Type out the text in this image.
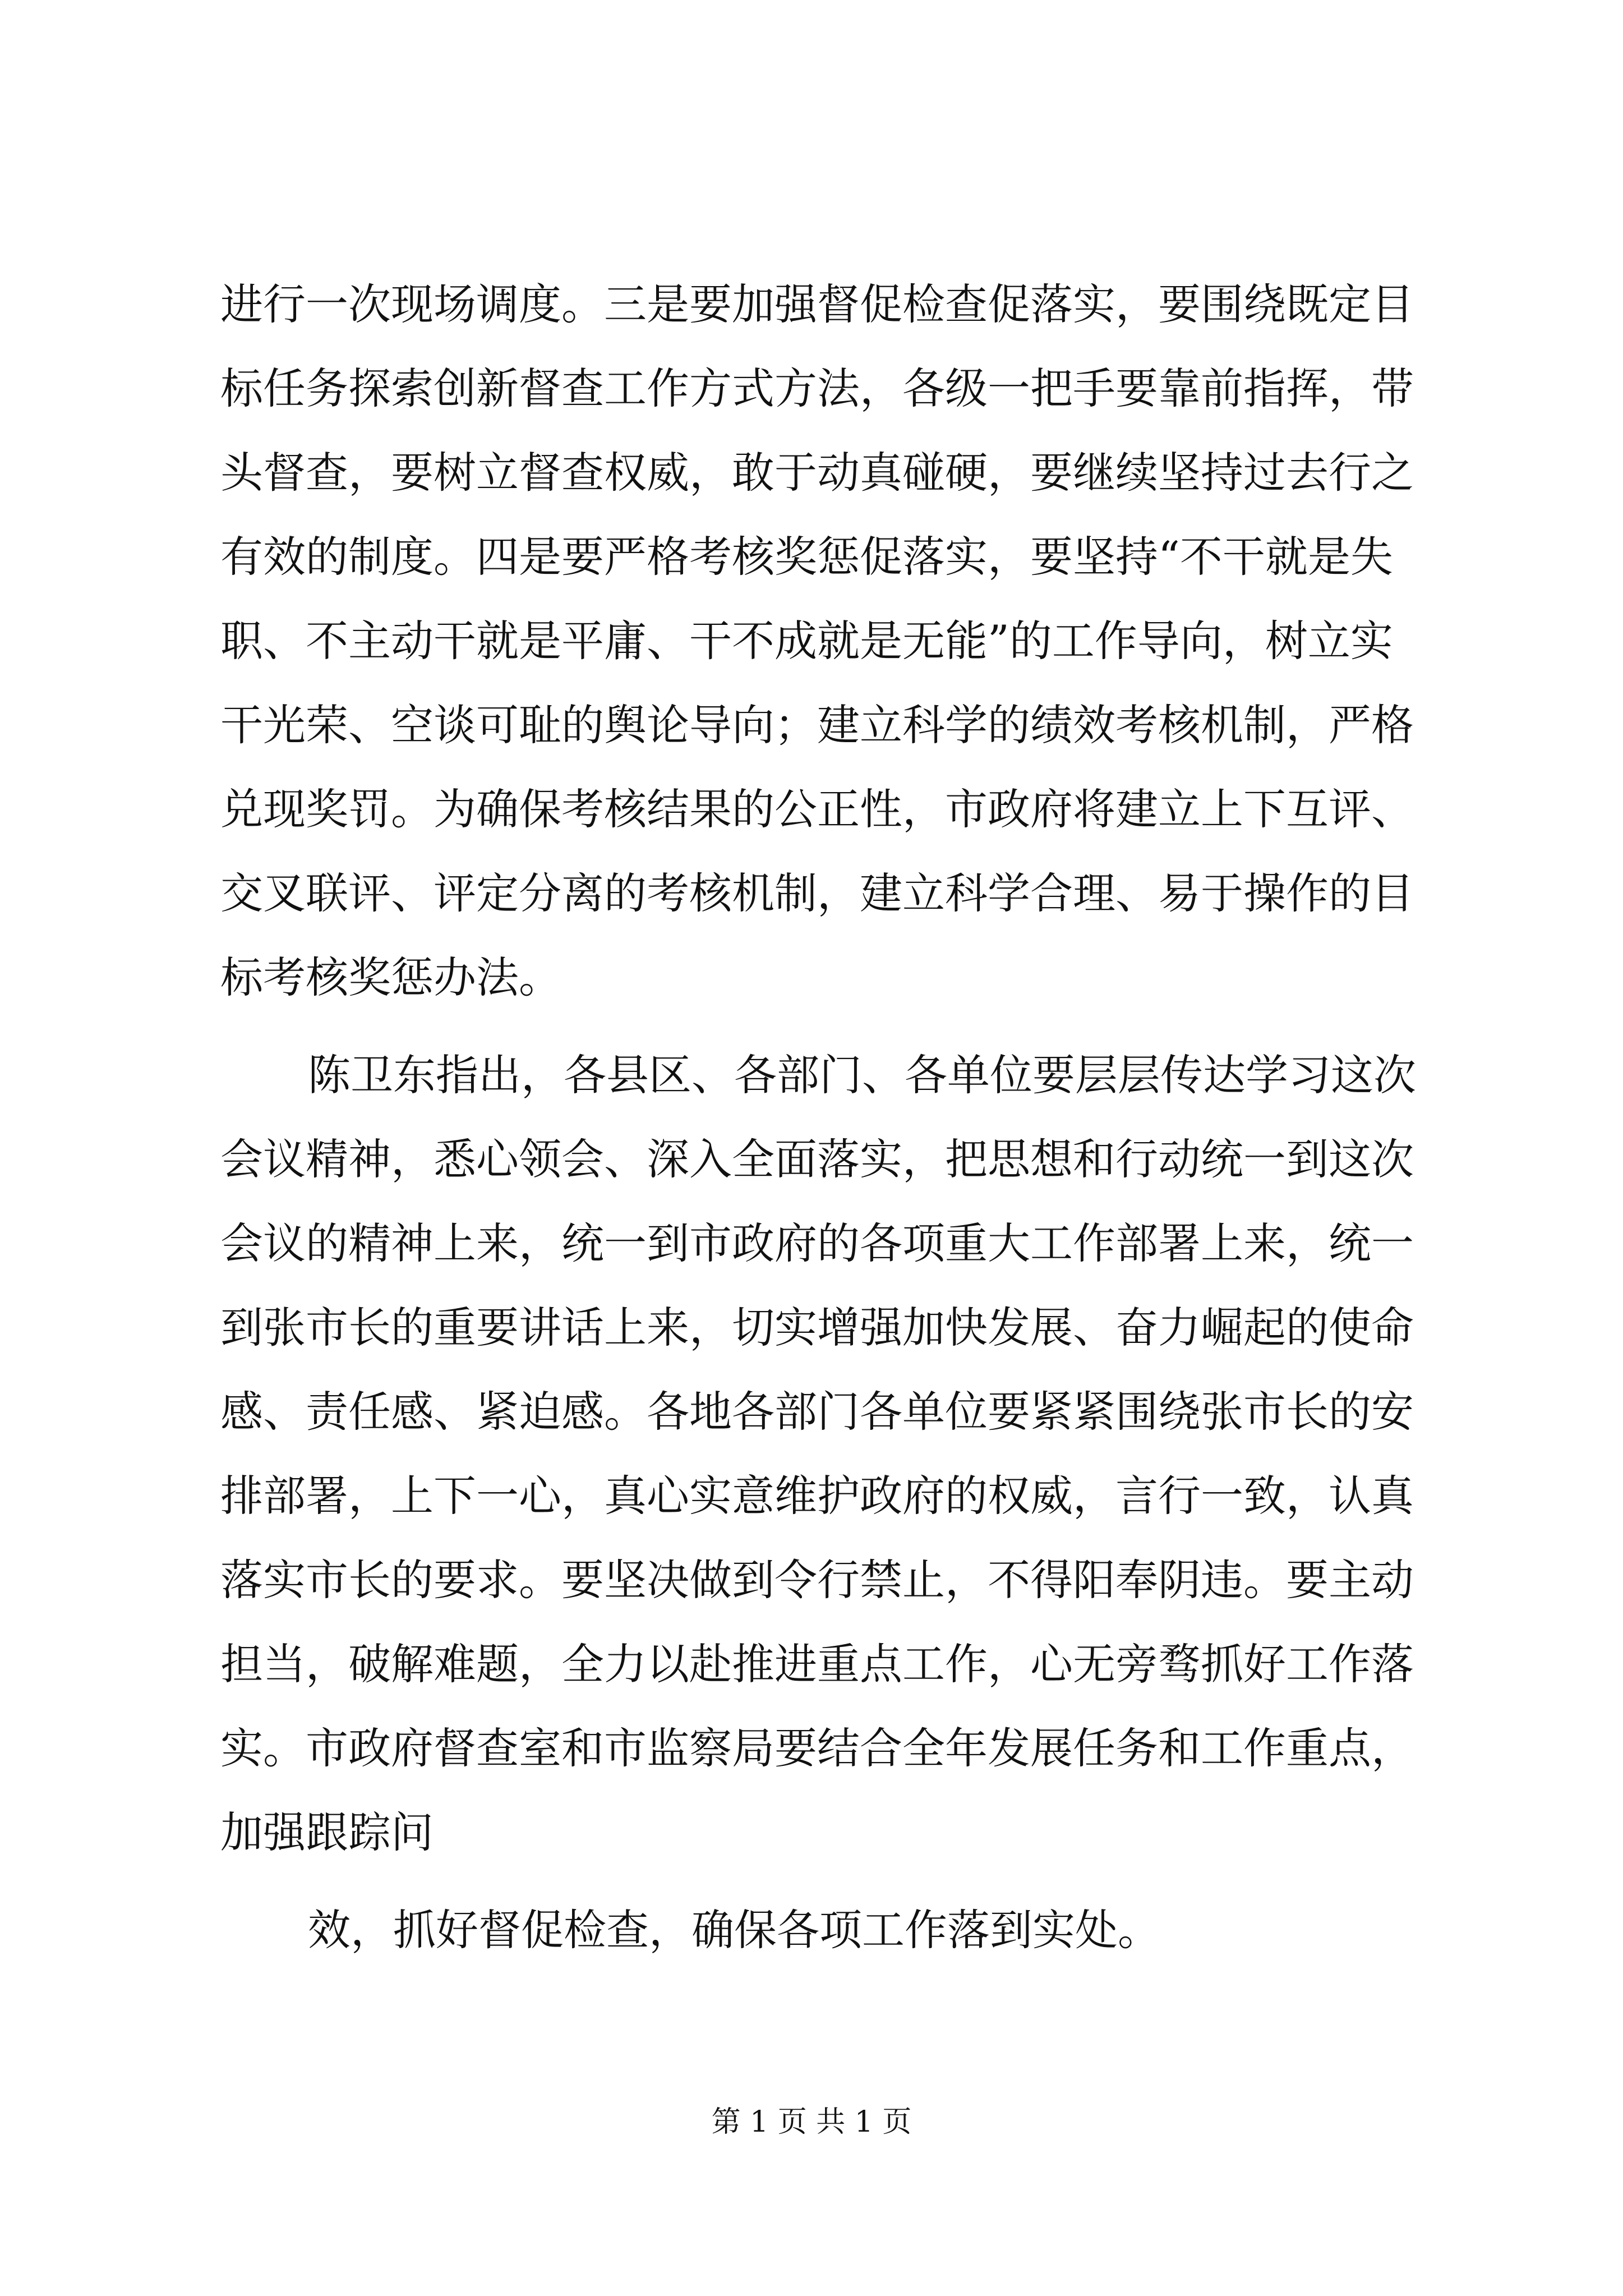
进行一次现场调度。三是要加强督促检查促落实，要围绕既定目
标任务探索创新督查工作方式方法，各级一把手要靠前指挥，带
头督查，要树立督查权威，敢于动真碰硬，要继续坚持过去行之
有效的制度。四是要严格考核奖惩促落实，要坚持“不干就是失
职、不主动干就是平庸、干不成就是无能”的工作导向，树立实
干光荣、空谈可耻的舆论导向；建立科学的绩效考核机制，严格
兑现奖罚。为确保考核结果的公正性，市政府将建立上下互评、
交叉联评、评定分离的考核机制，建立科学合理、易于操作的目
标考核奖惩办法。
陈卫东指出，各县区、各部门、各单位要层层传达学习这次
会议精神，悉心领会、深入全面落实，把思想和行动统一到这次
会议的精神上来，统一到市政府的各项重大工作部署上来，统一
到张市长的重要讲话上来，切实增强加快发展、奋力崛起的使命
感、责任感、紧迫感。各地各部门各单位要紧紧围绕张市长的安
排部署，上下一心，真心实意维护政府的权威，言行一致，认真
落实市长的要求。要坚决做到令行禁止，不得阳奉阴违。要主动
担当，破解难题，全力以赴推进重点工作，心无旁骛抓好工作落
实。市政府督查室和市监察局要结合全年发展任务和工作重点，
加强跟踪问
效，抓好督促检查，确保各项工作落到实处。
第 1 页 共 1 页
